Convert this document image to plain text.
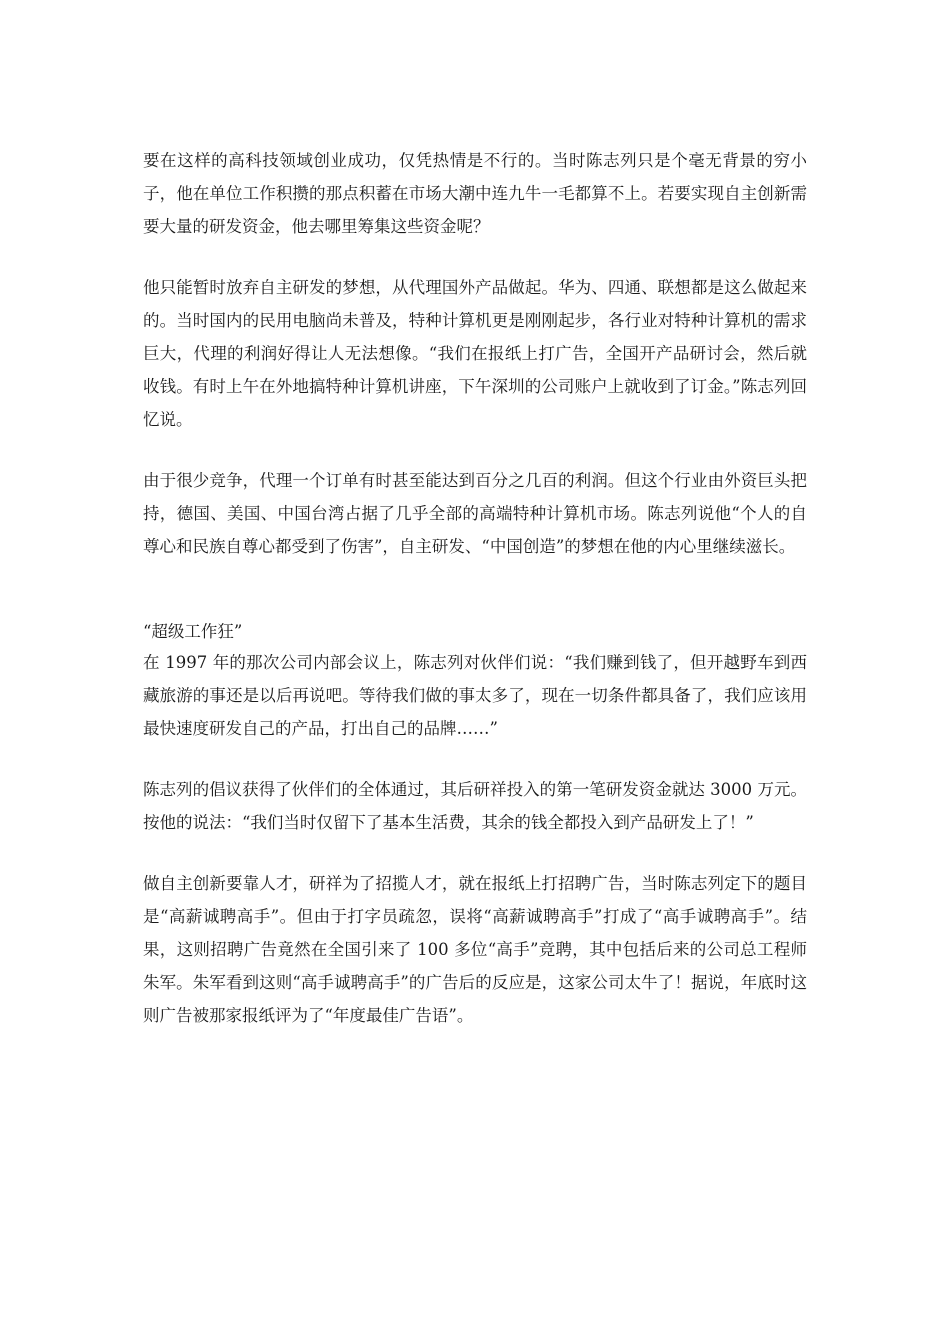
要在这样的高科技领域创业成功，仅凭热情是不行的。当时陈志列只是个毫无背景的穷小子，他在单位工作积攒的那点积蓄在市场大潮中连九牛一毛都算不上。若要实现自主创新需要大量的研发资金，他去哪里筹集这些资金呢？

他只能暂时放弃自主研发的梦想，从代理国外产品做起。华为、四通、联想都是这么做起来的。当时国内的民用电脑尚未普及，特种计算机更是刚刚起步，各行业对特种计算机的需求巨大，代理的利润好得让人无法想像。“我们在报纸上打广告，全国开产品研讨会，然后就收钱。有时上午在外地搞特种计算机讲座，下午深圳的公司账户上就收到了订金。”陈志列回忆说。

由于很少竞争，代理一个订单有时甚至能达到百分之几百的利润。但这个行业由外资巨头把持，德国、美国、中国台湾占据了几乎全部的高端特种计算机市场。陈志列说他“个人的自尊心和民族自尊心都受到了伤害”，自主研发、“中国创造”的梦想在他的内心里继续滋长。

“超级工作狂”

在 1997 年的那次公司内部会议上，陈志列对伙伴们说：“我们赚到钱了，但开越野车到西藏旅游的事还是以后再说吧。等待我们做的事太多了，现在一切条件都具备了，我们应该用最快速度研发自己的产品，打出自己的品牌……”

陈志列的倡议获得了伙伴们的全体通过，其后研祥投入的第一笔研发资金就达 3000 万元。按他的说法：“我们当时仅留下了基本生活费，其余的钱全都投入到产品研发上了！”

做自主创新要靠人才，研祥为了招揽人才，就在报纸上打招聘广告，当时陈志列定下的题目是“高薪诚聘高手”。但由于打字员疏忽，误将“高薪诚聘高手”打成了“高手诚聘高手”。结果，这则招聘广告竟然在全国引来了 100 多位“高手”竞聘，其中包括后来的公司总工程师朱军。朱军看到这则“高手诚聘高手”的广告后的反应是，这家公司太牛了！据说，年底时这则广告被那家报纸评为了“年度最佳广告语”。
